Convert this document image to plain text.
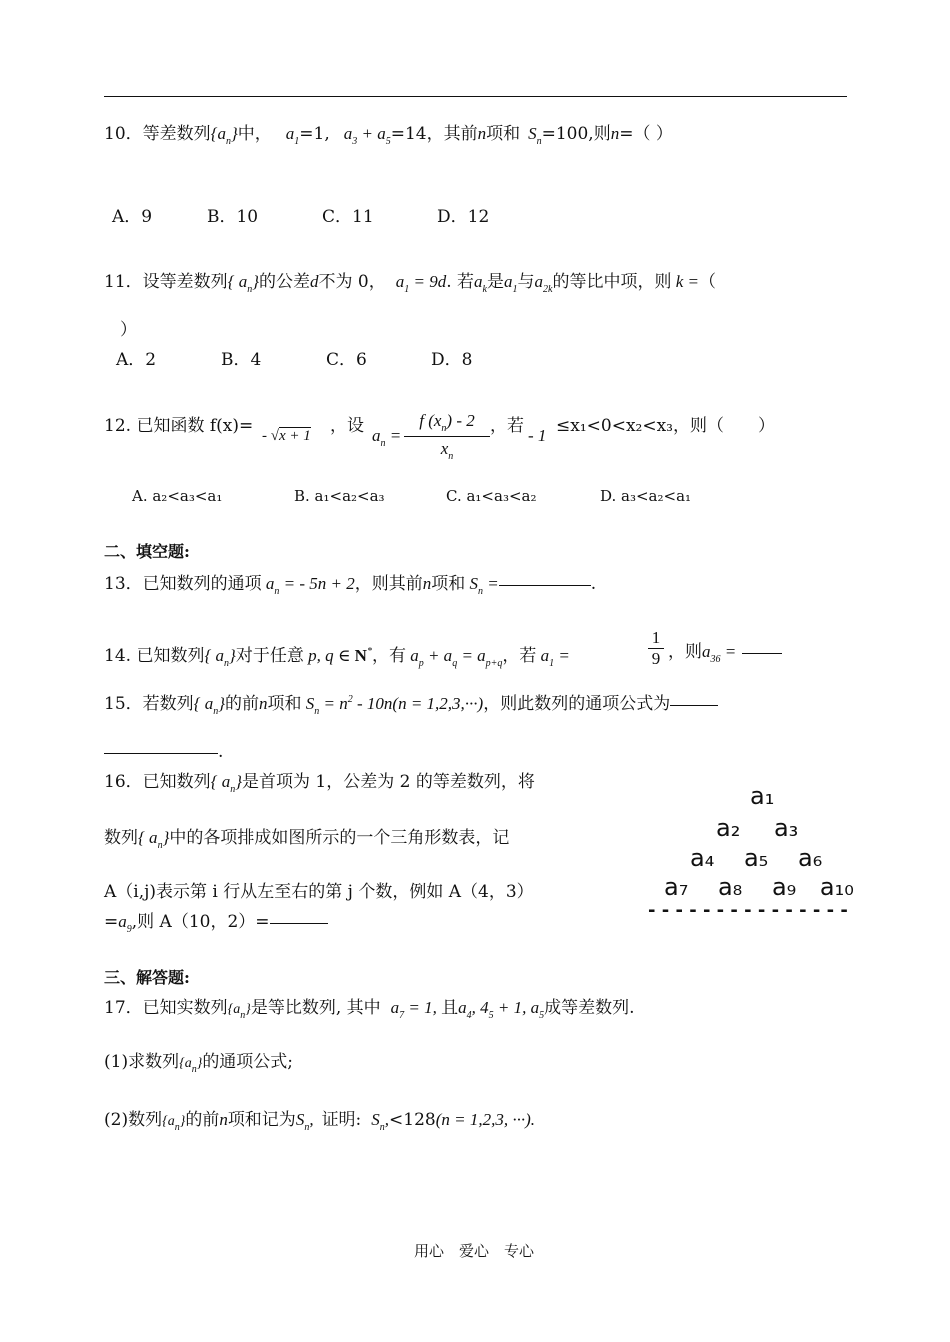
10．等差数列$\{a_n\}$中， $a_1=1$, $a_3 + a_5=14$，其前n项和 $S_n=100$,则n=（ ）
A．9	B．10	C．11	D．12
11．设等差数列{ $a_n$}的公差d不为 0， $a_1 = 9d$. 若$a_k$是$a_1$与$a_{2k}$的等比中项，则 k =（
）
A．2	B．4	C．6	D．8
12. 已知函数 f(x)= - √x + 1 ，设 $a_n = \frac{f (x_n) - 2}{x_n}$ ，若 - 1 ≤x₁<0<x₂<x₃，则（　　）
A. a₂<a₃<a₁	B. a₁<a₂<a₃	C. a₁<a₃<a₂	D. a₃<a₂<a₁
二、填空题:
13．已知数列的通项 $a_n$ = - 5n + 2，则其前n项和 $S_n$ =	.
14. 已知数列{ $a_n$}对于任意 p, q ∈ N*，有 $a_p + a_q = a_{p+q}$，若 $a_1$ =	$\frac{1}{9}$ ，则$a_{36}$ =
15．若数列{ $a_n$}的前n项和 $S_n = n^2 - 10n(n = 1,2,3,\cdot\cdot\cdot)$，则此数列的通项公式为
.
16．已知数列{ $a_n$}是首项为 1，公差为 2 的等差数列，将
数列{ $a_n$}中的各项排成如图所示的一个三角形数表，记
A（i,j)表示第 i 行从左至右的第 j 个数，例如 A（4，3）
$=a_9$,则 A（10，2）=
a₁
a₂ a₃
a₄ a₅ a₆
a₇ a₈ a₉ a₁₀
- - - - - - - - - - - - - - -
三、解答题:
17．已知实数列$\{a_n\}$是等比数列, 其中 $a_7 = 1$, 且$a_4$, $4_5 + 1$, $a_5$成等差数列.
(1)求数列$\{a_n\}$的通项公式;
(2)数列$\{a_n\}$的前n项和记为$S_n$, 证明: $S_n,<128(n = 1,2,3$, ···).
用心　爱心　专心
